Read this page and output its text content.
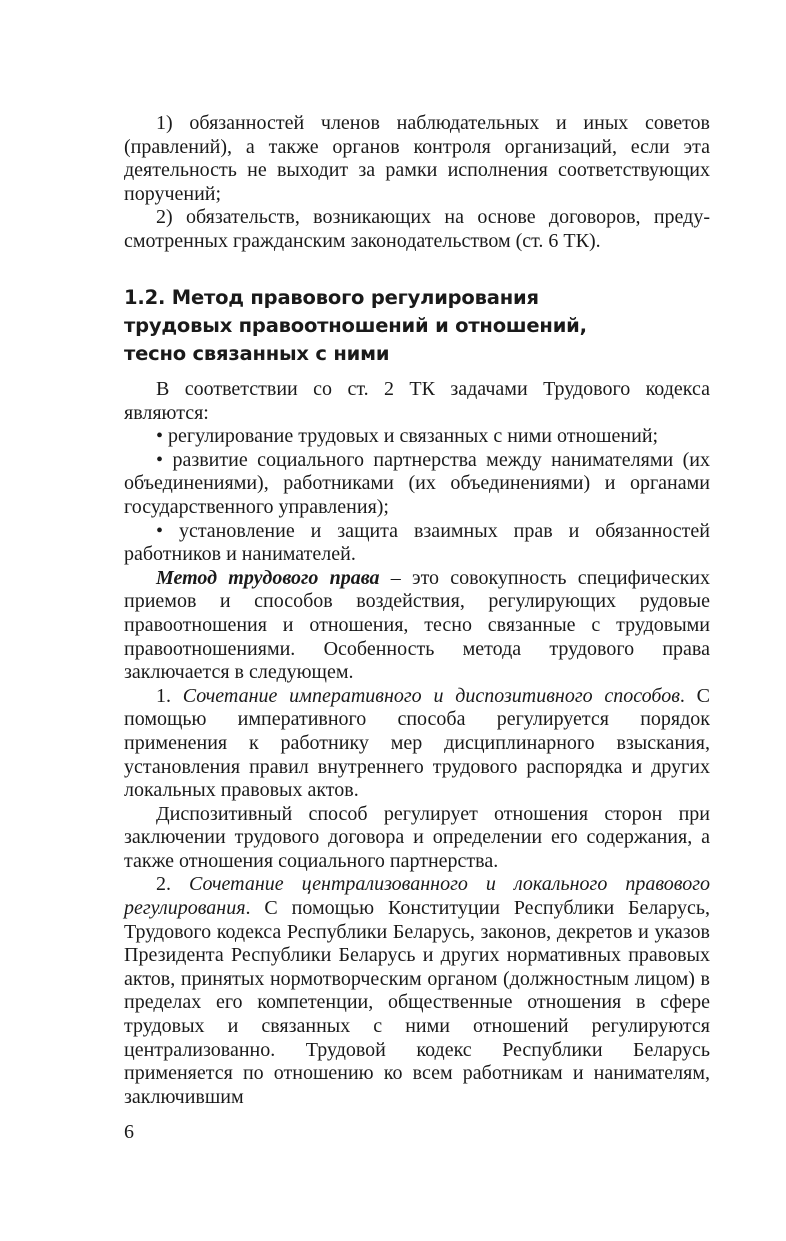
1) обязанностей членов наблюдательных и иных советов (правлений), а также органов контроля организаций, если эта деятельность не выходит за рамки исполнения соответствующих поручений;

2) обязательств, возникающих на основе договоров, предусмотренных гражданским законодательством (ст. 6 ТК).

1.2. Метод правового регулирования
трудовых правоотношений и отношений,
тесно связанных с ними

В соответствии со ст. 2 ТК задачами Трудового кодекса являются:

• регулирование трудовых и связанных с ними отношений;

• развитие социального партнерства между нанимателями (их объединениями), работниками (их объединениями) и органами государственного управления);

• установление и защита взаимных прав и обязанностей работников и нанимателей.

Метод трудового права – это совокупность специфических приемов и способов воздействия, регулирующих рудовые правоотношения и отношения, тесно связанные с трудовыми правоотношениями. Особенность метода трудового права заключается в следующем.

1. Сочетание императивного и диспозитивного способов. С помощью императивного способа регулируется порядок применения к работнику мер дисциплинарного взыскания, установления правил внутреннего трудового распорядка и других локальных правовых актов.

Диспозитивный способ регулирует отношения сторон при заключении трудового договора и определении его содержания, а также отношения социального партнерства.

2. Сочетание централизованного и локального правового регулирования. С помощью Конституции Республики Беларусь, Трудового кодекса Республики Беларусь, законов, декретов и указов Президента Республики Беларусь и других нормативных правовых актов, принятых нормотворческим органом (должностным лицом) в пределах его компетенции, общественные отношения в сфере трудовых и связанных с ними отношений регулируются централизованно. Трудовой кодекс Республики Беларусь применяется по отношению ко всем работникам и нанимателям, заключившим

6
